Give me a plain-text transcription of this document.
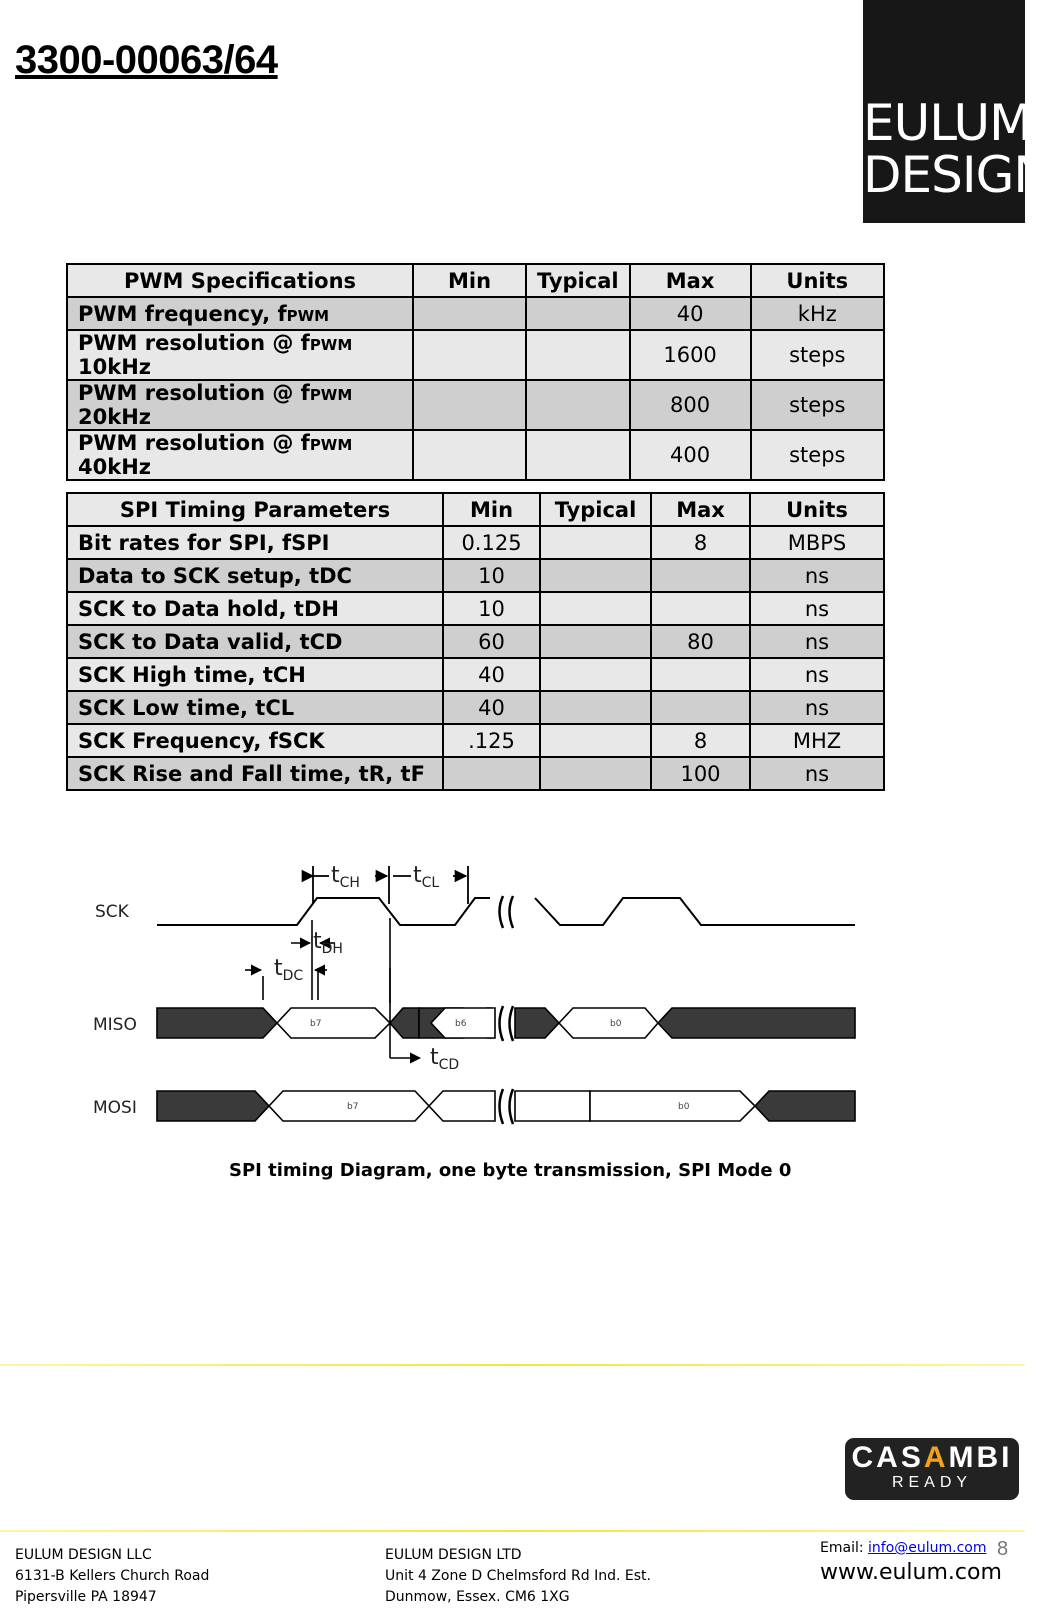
3300-00063/64
EULUM
DESIGN
PWM Specifications	Min	Typical	Max	Units
PWM frequency, fPWM			40	kHz
PWM resolution @ fPWM 10kHz			1600	steps
PWM resolution @ fPWM 20kHz			800	steps
PWM resolution @ fPWM 40kHz			400	steps
SPI Timing Parameters	Min	Typical	Max	Units
Bit rates for SPI, fSPI	0.125		8	MBPS
Data to SCK setup, tDC	10			ns
SCK to Data hold, tDH	10			ns
SCK to Data valid, tCD	60		80	ns
SCK High time, tCH	40			ns
SCK Low time, tCL	40			ns
SCK Frequency, fSCK	.125		8	MHZ
SCK Rise and Fall time, tR, tF			100	ns
SCK
MISO
MOSI
$t_{CH}$ $t_{CL}$
$t_{DH}$
$t_{DC}$
$t_{CD}$
b7	b6	b0
b7	b0
SPI timing Diagram, one byte transmission, SPI Mode 0
CASAMBI
READY
EULUM DESIGN LLC
6131-B Kellers Church Road
Pipersville PA 18947
EULUM DESIGN LTD
Unit 4 Zone D Chelmsford Rd Ind. Est.
Dunmow, Essex. CM6 1XG
Email: info@eulum.com
www.eulum.com
8
